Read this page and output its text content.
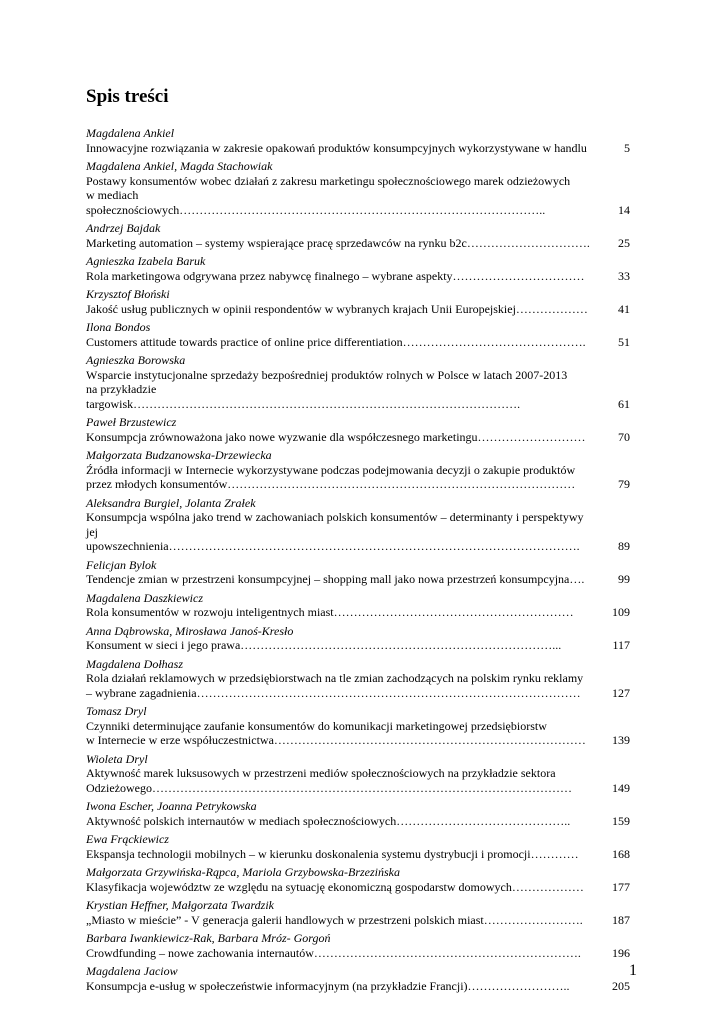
Spis treści
Magdalena Ankiel
Innowacyjne rozwiązania w zakresie opakowań produktów konsumpcyjnych wykorzystywane w handlu	5
Magdalena Ankiel, Magda Stachowiak
Postawy konsumentów wobec działań z zakresu marketingu społecznościowego marek odzieżowych
w mediach społecznościowych………………………………………………………………………………..	14
Andrzej Bajdak
Marketing automation – systemy wspierające pracę sprzedawców na rynku b2c………………………….	25
Agnieszka Izabela Baruk
Rola marketingowa odgrywana przez nabywcę finalnego – wybrane aspekty……………………………	33
Krzysztof Błoński
Jakość usług publicznych w opinii respondentów w wybranych krajach Unii Europejskiej………………	41
Ilona Bondos
Customers attitude towards practice of online price differentiation……………………………………….	51
Agnieszka Borowska
Wsparcie instytucjonalne sprzedaży bezpośredniej produktów rolnych w Polsce w latach 2007-2013
na przykładzie targowisk…………………………………………………………………………………….	61
Paweł Brzustewicz
Konsumpcja zrównoważona jako nowe wyzwanie dla współczesnego marketingu………………………	70
Małgorzata Budzanowska-Drzewiecka
Źródła informacji w Internecie wykorzystywane podczas podejmowania decyzji o zakupie produktów
przez młodych konsumentów……………………………………………………………………………	79
Aleksandra Burgiel, Jolanta Zrałek
Konsumpcja wspólna jako trend w zachowaniach polskich konsumentów – determinanty i perspektywy
jej upowszechnienia………………………………………………………………………………………….	89
Felicjan Bylok
Tendencje zmian w przestrzeni konsumpcyjnej – shopping mall jako nowa przestrzeń konsumpcyjna….	99
Magdalena Daszkiewicz
Rola konsumentów w rozwoju inteligentnych miast……………………………………………………	109
Anna Dąbrowska, Mirosława Janoś-Kresło
Konsument w sieci i jego prawa……………………………………………………………………...	117
Magdalena Dołhasz
Rola działań reklamowych w przedsiębiorstwach na tle zmian zachodzących na polskim rynku reklamy
– wybrane zagadnienia……………………………………………………………………………………	127
Tomasz Dryl
Czynniki determinujące zaufanie konsumentów do komunikacji marketingowej przedsiębiorstw
w Internecie w erze współuczestnictwa……………………………………………………………………	139
Wioleta Dryl
Aktywność marek luksusowych w przestrzeni mediów społecznościowych na przykładzie sektora
Odzieżowego……………………………………………………………………………………………	149
Iwona Escher, Joanna Petrykowska
Aktywność polskich internautów w mediach społecznościowych……………………………………..	159
Ewa Frąckiewicz
Ekspansja technologii mobilnych – w kierunku doskonalenia systemu dystrybucji i promocji…………	168
Małgorzata Grzywińska-Rąpca, Mariola Grzybowska-Brzezińska
Klasyfikacja województw ze względu na sytuację ekonomiczną gospodarstw domowych………………	177
Krystian Heffner, Małgorzata Twardzik
„Miasto w mieście” - V generacja galerii handlowych w przestrzeni polskich miast…………………….	187
Barbara Iwankiewicz-Rak, Barbara Mróz- Gorgoń
Crowdfunding – nowe zachowania internautów………………………………………………………….	196
Magdalena Jaciow
Konsumpcja e-usług w społeczeństwie informacyjnym (na przykładzie Francji)……………………..	205
1
